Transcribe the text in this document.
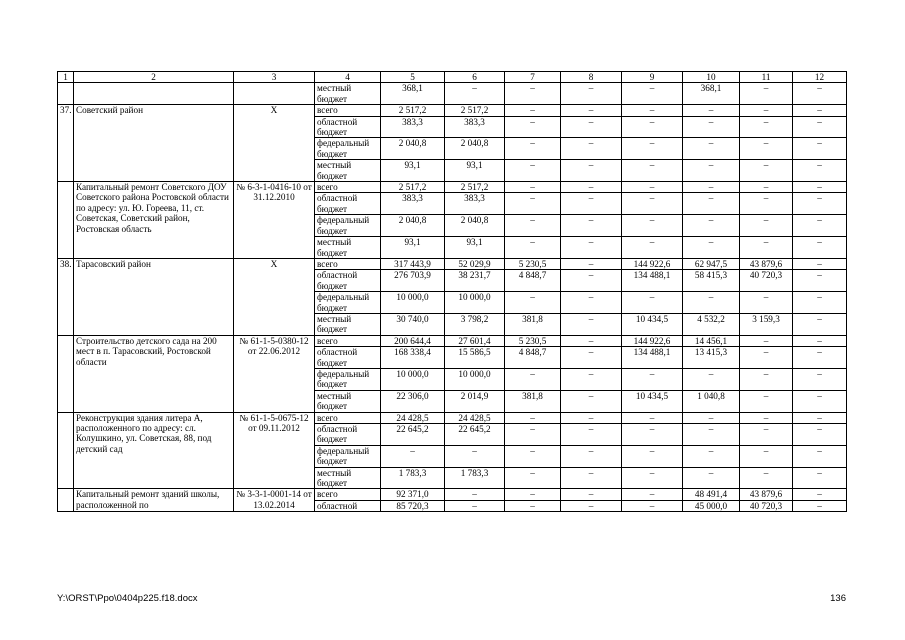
1	2	3	4	5	6	7	8	9	10	11	12
			местный бюджет	368,1	–	–	–	–	368,1	–	–
37.	Советский район	Х	всего	2 517,2	2 517,2	–	–	–	–	–	–
			областной бюджет	383,3	383,3	–	–	–	–	–	–
			федеральный бюджет	2 040,8	2 040,8	–	–	–	–	–	–
			местный бюджет	93,1	93,1	–	–	–	–	–	–
	Капитальный ремонт Советского ДОУ Советского района Ростовской области по адресу: ул. Ю. Гореева, 11, ст. Советская, Советский район, Ростовская область	№ 6-3-1-0416-10 от 31.12.2010	всего	2 517,2	2 517,2	–	–	–	–	–	–
			областной бюджет	383,3	383,3	–	–	–	–	–	–
			федеральный бюджет	2 040,8	2 040,8	–	–	–	–	–	–
			местный бюджет	93,1	93,1	–	–	–	–	–	–
38.	Тарасовский район	Х	всего	317 443,9	52 029,9	5 230,5	–	144 922,6	62 947,5	43 879,6	–
			областной бюджет	276 703,9	38 231,7	4 848,7	–	134 488,1	58 415,3	40 720,3	–
			федеральный бюджет	10 000,0	10 000,0	–	–	–	–	–	–
			местный бюджет	30 740,0	3 798,2	381,8	–	10 434,5	4 532,2	3 159,3	–
	Строительство детского сада на 200 мест в п. Тарасовский, Ростовской области	№ 61-1-5-0380-12 от 22.06.2012	всего	200 644,4	27 601,4	5 230,5	–	144 922,6	14 456,1	–	–
			областной бюджет	168 338,4	15 586,5	4 848,7	–	134 488,1	13 415,3	–	–
			федеральный бюджет	10 000,0	10 000,0	–	–	–	–	–	–
			местный бюджет	22 306,0	2 014,9	381,8	–	10 434,5	1 040,8	–	–
	Реконструкция здания литера А, расположенного по адресу: сл. Колушкино, ул. Советская, 88, под детский сад	№ 61-1-5-0675-12 от 09.11.2012	всего	24 428,5	24 428,5	–	–	–	–	–	–
			областной бюджет	22 645,2	22 645,2	–	–	–	–	–	–
			федеральный бюджет	–	–	–	–	–	–	–	–
			местный бюджет	1 783,3	1 783,3	–	–	–	–	–	–
	Капитальный ремонт зданий школы, расположенной по	№ 3-3-1-0001-14 от 13.02.2014	всего	92 371,0	–	–	–	–	48 491,4	43 879,6	–
			областной	85 720,3	–	–	–	–	45 000,0	40 720,3	–
Y:\ORST\Ppo\0404p225.f18.docx	136
